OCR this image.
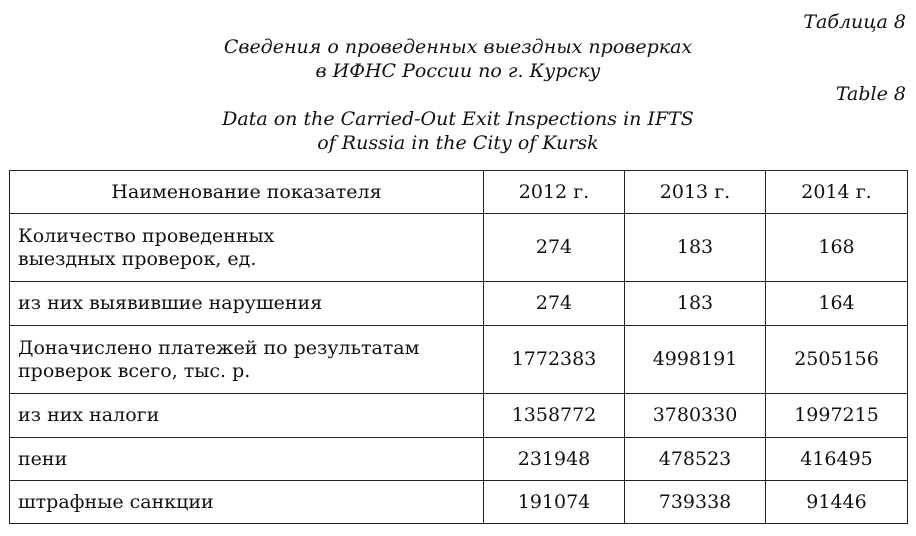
Таблица 8
Сведения о проведенных выездных проверках
в ИФНС России по г. Курску
Table 8
Data on the Carried-Out Exit Inspections in IFTS
of Russia in the City of Kursk
Наименование показателя	2012 г.	2013 г.	2014 г.

Количество проведенных
выездных проверок, ед.	274	183	168

из них выявившие нарушения	274	183	164

Доначислено платежей по результатам
проверок всего, тыс. р.	1772383	4998191	2505156

из них налоги	1358772	3780330	1997215

пени	231948	478523	416495

штрафные санкции	191074	739338	91446
